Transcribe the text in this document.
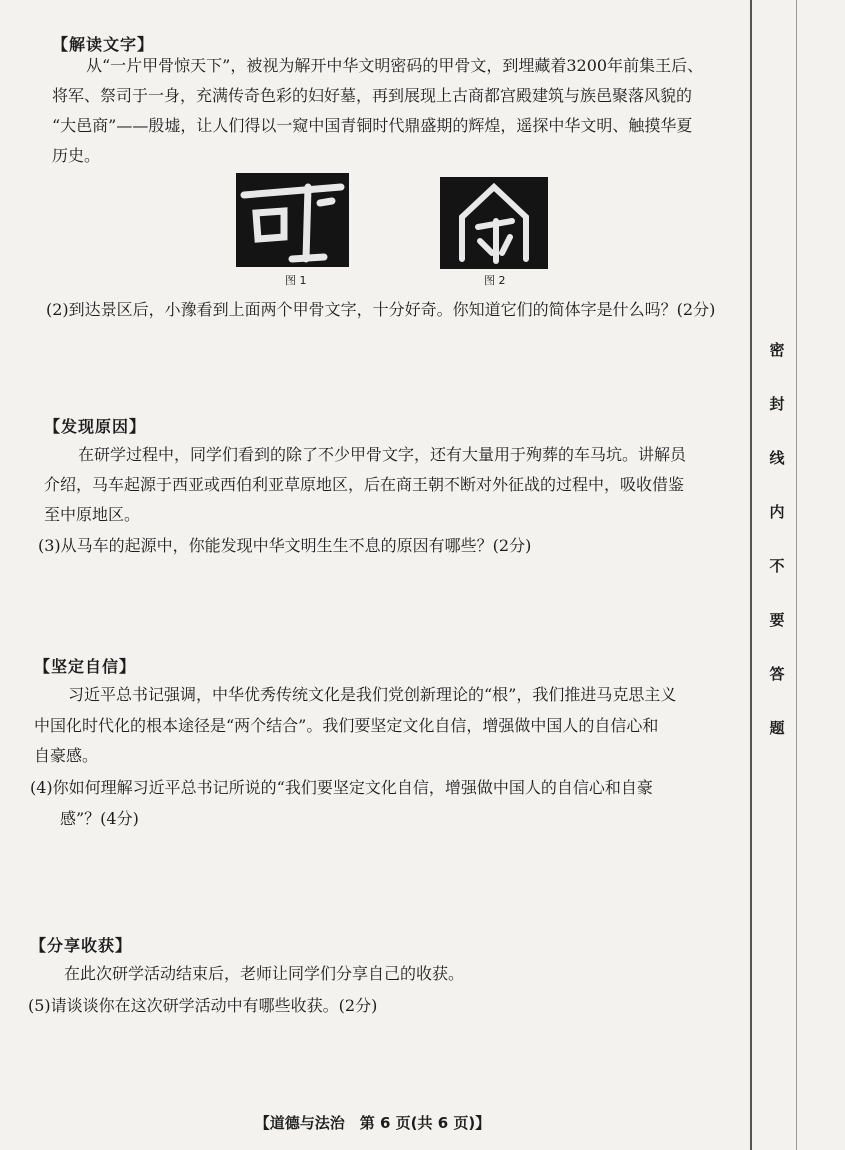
【解读文字】
从“一片甲骨惊天下”，被视为解开中华文明密码的甲骨文，到埋藏着3200年前集王后、
将军、祭司于一身，充满传奇色彩的妇好墓，再到展现上古商都宫殿建筑与族邑聚落风貌的
“大邑商”——殷墟，让人们得以一窥中国青铜时代鼎盛期的辉煌，遥探中华文明、触摸华夏
历史。
图 1	图 2
(2)到达景区后，小豫看到上面两个甲骨文字，十分好奇。你知道它们的简体字是什么吗？(2分)
【发现原因】
在研学过程中，同学们看到的除了不少甲骨文字，还有大量用于殉葬的车马坑。讲解员
介绍，马车起源于西亚或西伯利亚草原地区，后在商王朝不断对外征战的过程中，吸收借鉴
至中原地区。
(3)从马车的起源中，你能发现中华文明生生不息的原因有哪些？(2分)
【坚定自信】
习近平总书记强调，中华优秀传统文化是我们党创新理论的“根”，我们推进马克思主义
中国化时代化的根本途径是“两个结合”。我们要坚定文化自信，增强做中国人的自信心和
自豪感。
(4)你如何理解习近平总书记所说的“我们要坚定文化自信，增强做中国人的自信心和自豪
感”？(4分)
【分享收获】
在此次研学活动结束后，老师让同学们分享自己的收获。
(5)请谈谈你在这次研学活动中有哪些收获。(2分)
【道德与法治　第 6 页(共 6 页)】
密
封
线
内
不
要
答
题
